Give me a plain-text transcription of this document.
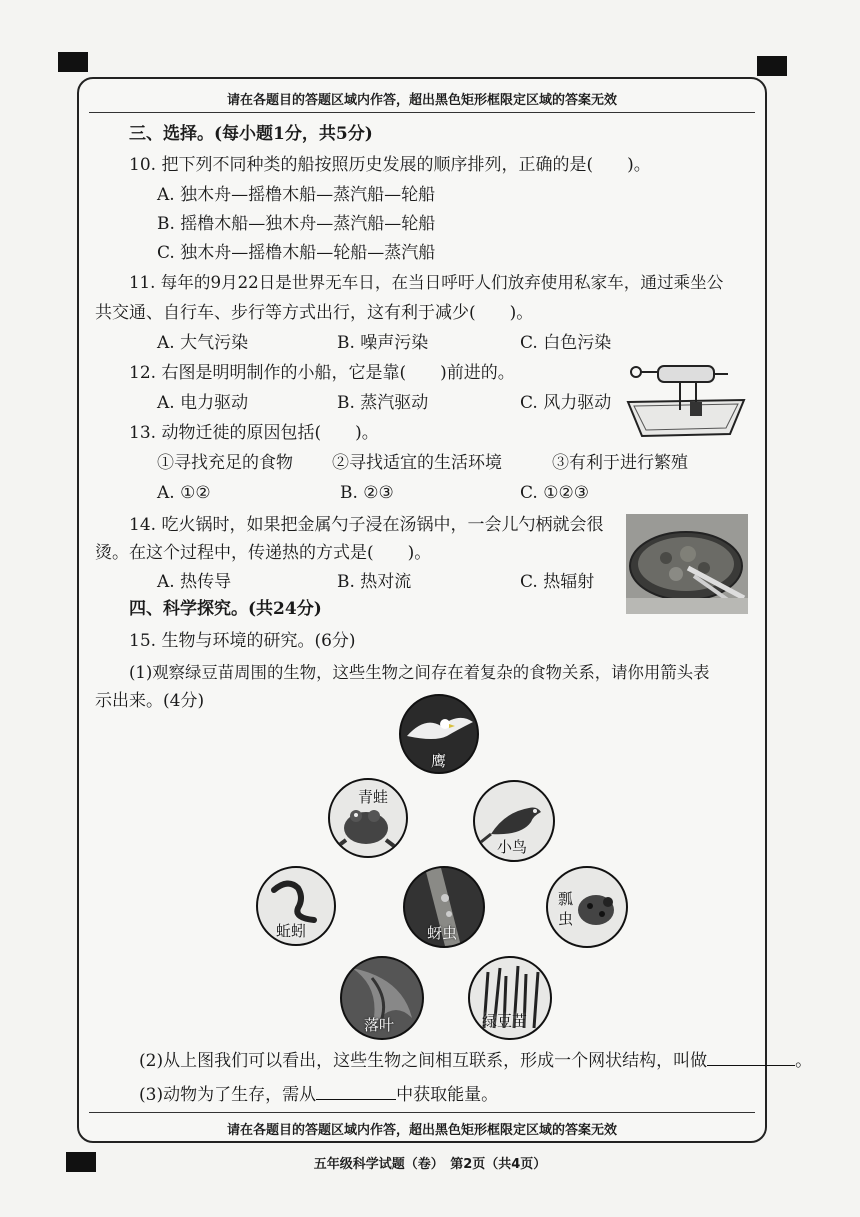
请在各题目的答题区域内作答，超出黑色矩形框限定区域的答案无效
请在各题目的答题区域内作答，超出黑色矩形框限定区域的答案无效
三、选择。(每小题1分，共5分)
10. 把下列不同种类的船按照历史发展的顺序排列，正确的是(　　)。
A. 独木舟—摇橹木船—蒸汽船—轮船
B. 摇橹木船—独木舟—蒸汽船—轮船
C. 独木舟—摇橹木船—轮船—蒸汽船
11. 每年的9月22日是世界无车日，在当日呼吁人们放弃使用私家车，通过乘坐公
共交通、自行车、步行等方式出行，这有利于减少(　　)。
A. 大气污染	B. 噪声污染	C. 白色污染
12. 右图是明明制作的小船，它是靠(　　)前进的。
A. 电力驱动	B. 蒸汽驱动	C. 风力驱动
13. 动物迁徙的原因包括(　　)。
①寻找充足的食物 ②寻找适宜的生活环境	③有利于进行繁殖
A. ①②	B. ②③	C. ①②③
14. 吃火锅时，如果把金属勺子浸在汤锅中，一会儿勺柄就会很
烫。在这个过程中，传递热的方式是(　　)。
A. 热传导	B. 热对流	C. 热辐射
四、科学探究。(共24分)
15. 生物与环境的研究。(6分)
(1)观察绿豆苗周围的生物，这些生物之间存在着复杂的食物关系，请你用箭头表
示出来。(4分)
鹰
青蛙
小鸟
蚯蚓	蚜虫
瓢
虫
落叶	绿豆苗
(2)从上图我们可以看出，这些生物之间相互联系，形成一个网状结构，叫做	。
(3)动物为了生存，需从	中获取能量。
五年级科学试题（卷）　第2页（共4页）
